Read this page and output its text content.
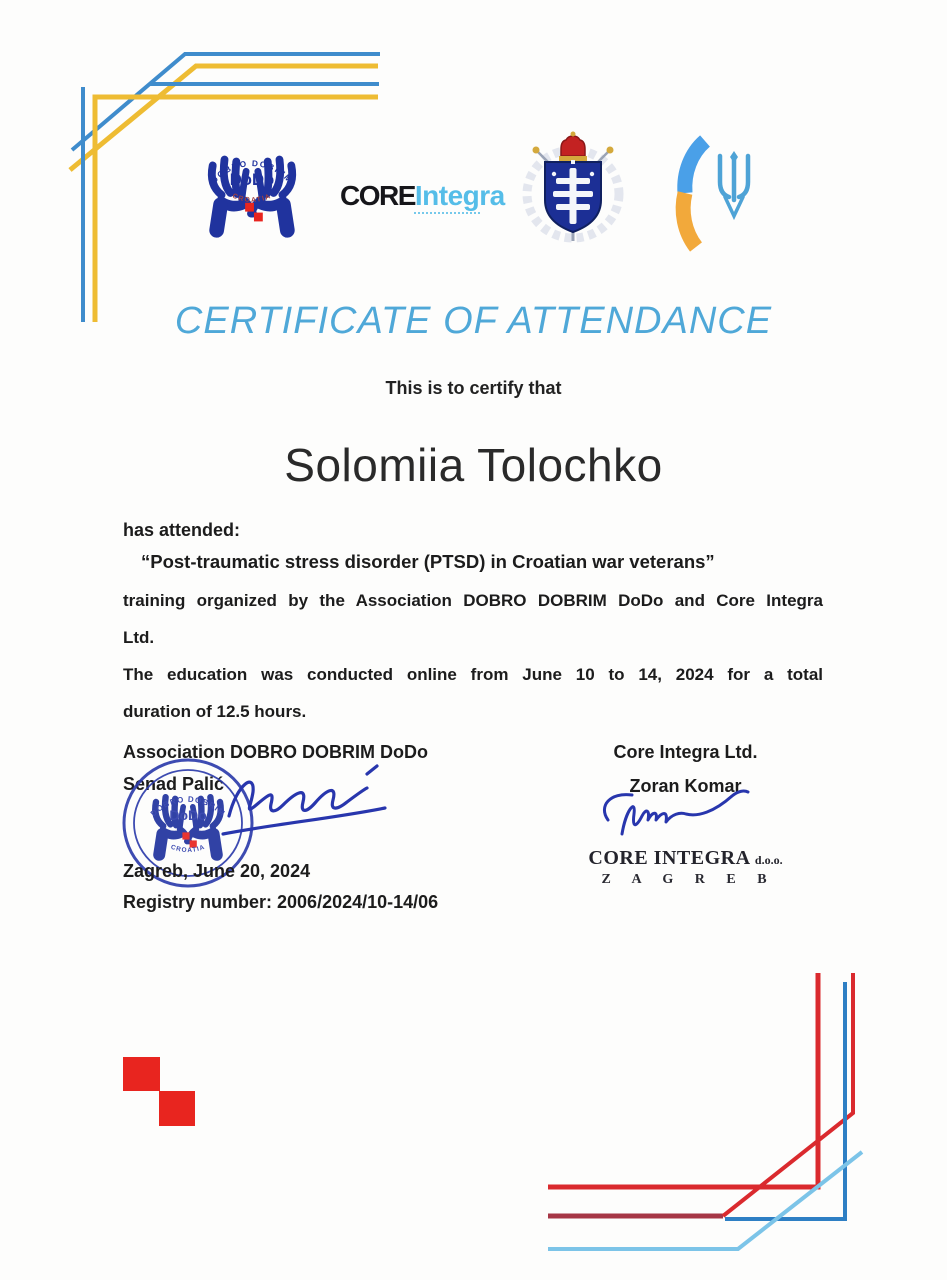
DOBRO DOBRIM
DoDo
CROATIA CORE Integra
CERTIFICATE OF ATTENDANCE
This is to certify that
Solomiia Tolochko

has attended:

“Post-traumatic stress disorder (PTSD) in Croatian war veterans”

training organized by the Association DOBRO DOBRIM DoDo and Core Integra
Ltd.
The education was conducted online from June 10 to 14, 2024 for a total
duration of 12.5 hours.
Association DOBRO DOBRIM DoDo
Senad Palić
DOBRO DOBRIM
DoDo
CROATIA
Zagreb, June 20, 2024
Registry number: 2006/2024/10-14/06
Core Integra Ltd.
Zoran Komar
CORE INTEGRA d.o.o.
Z A G R E B
